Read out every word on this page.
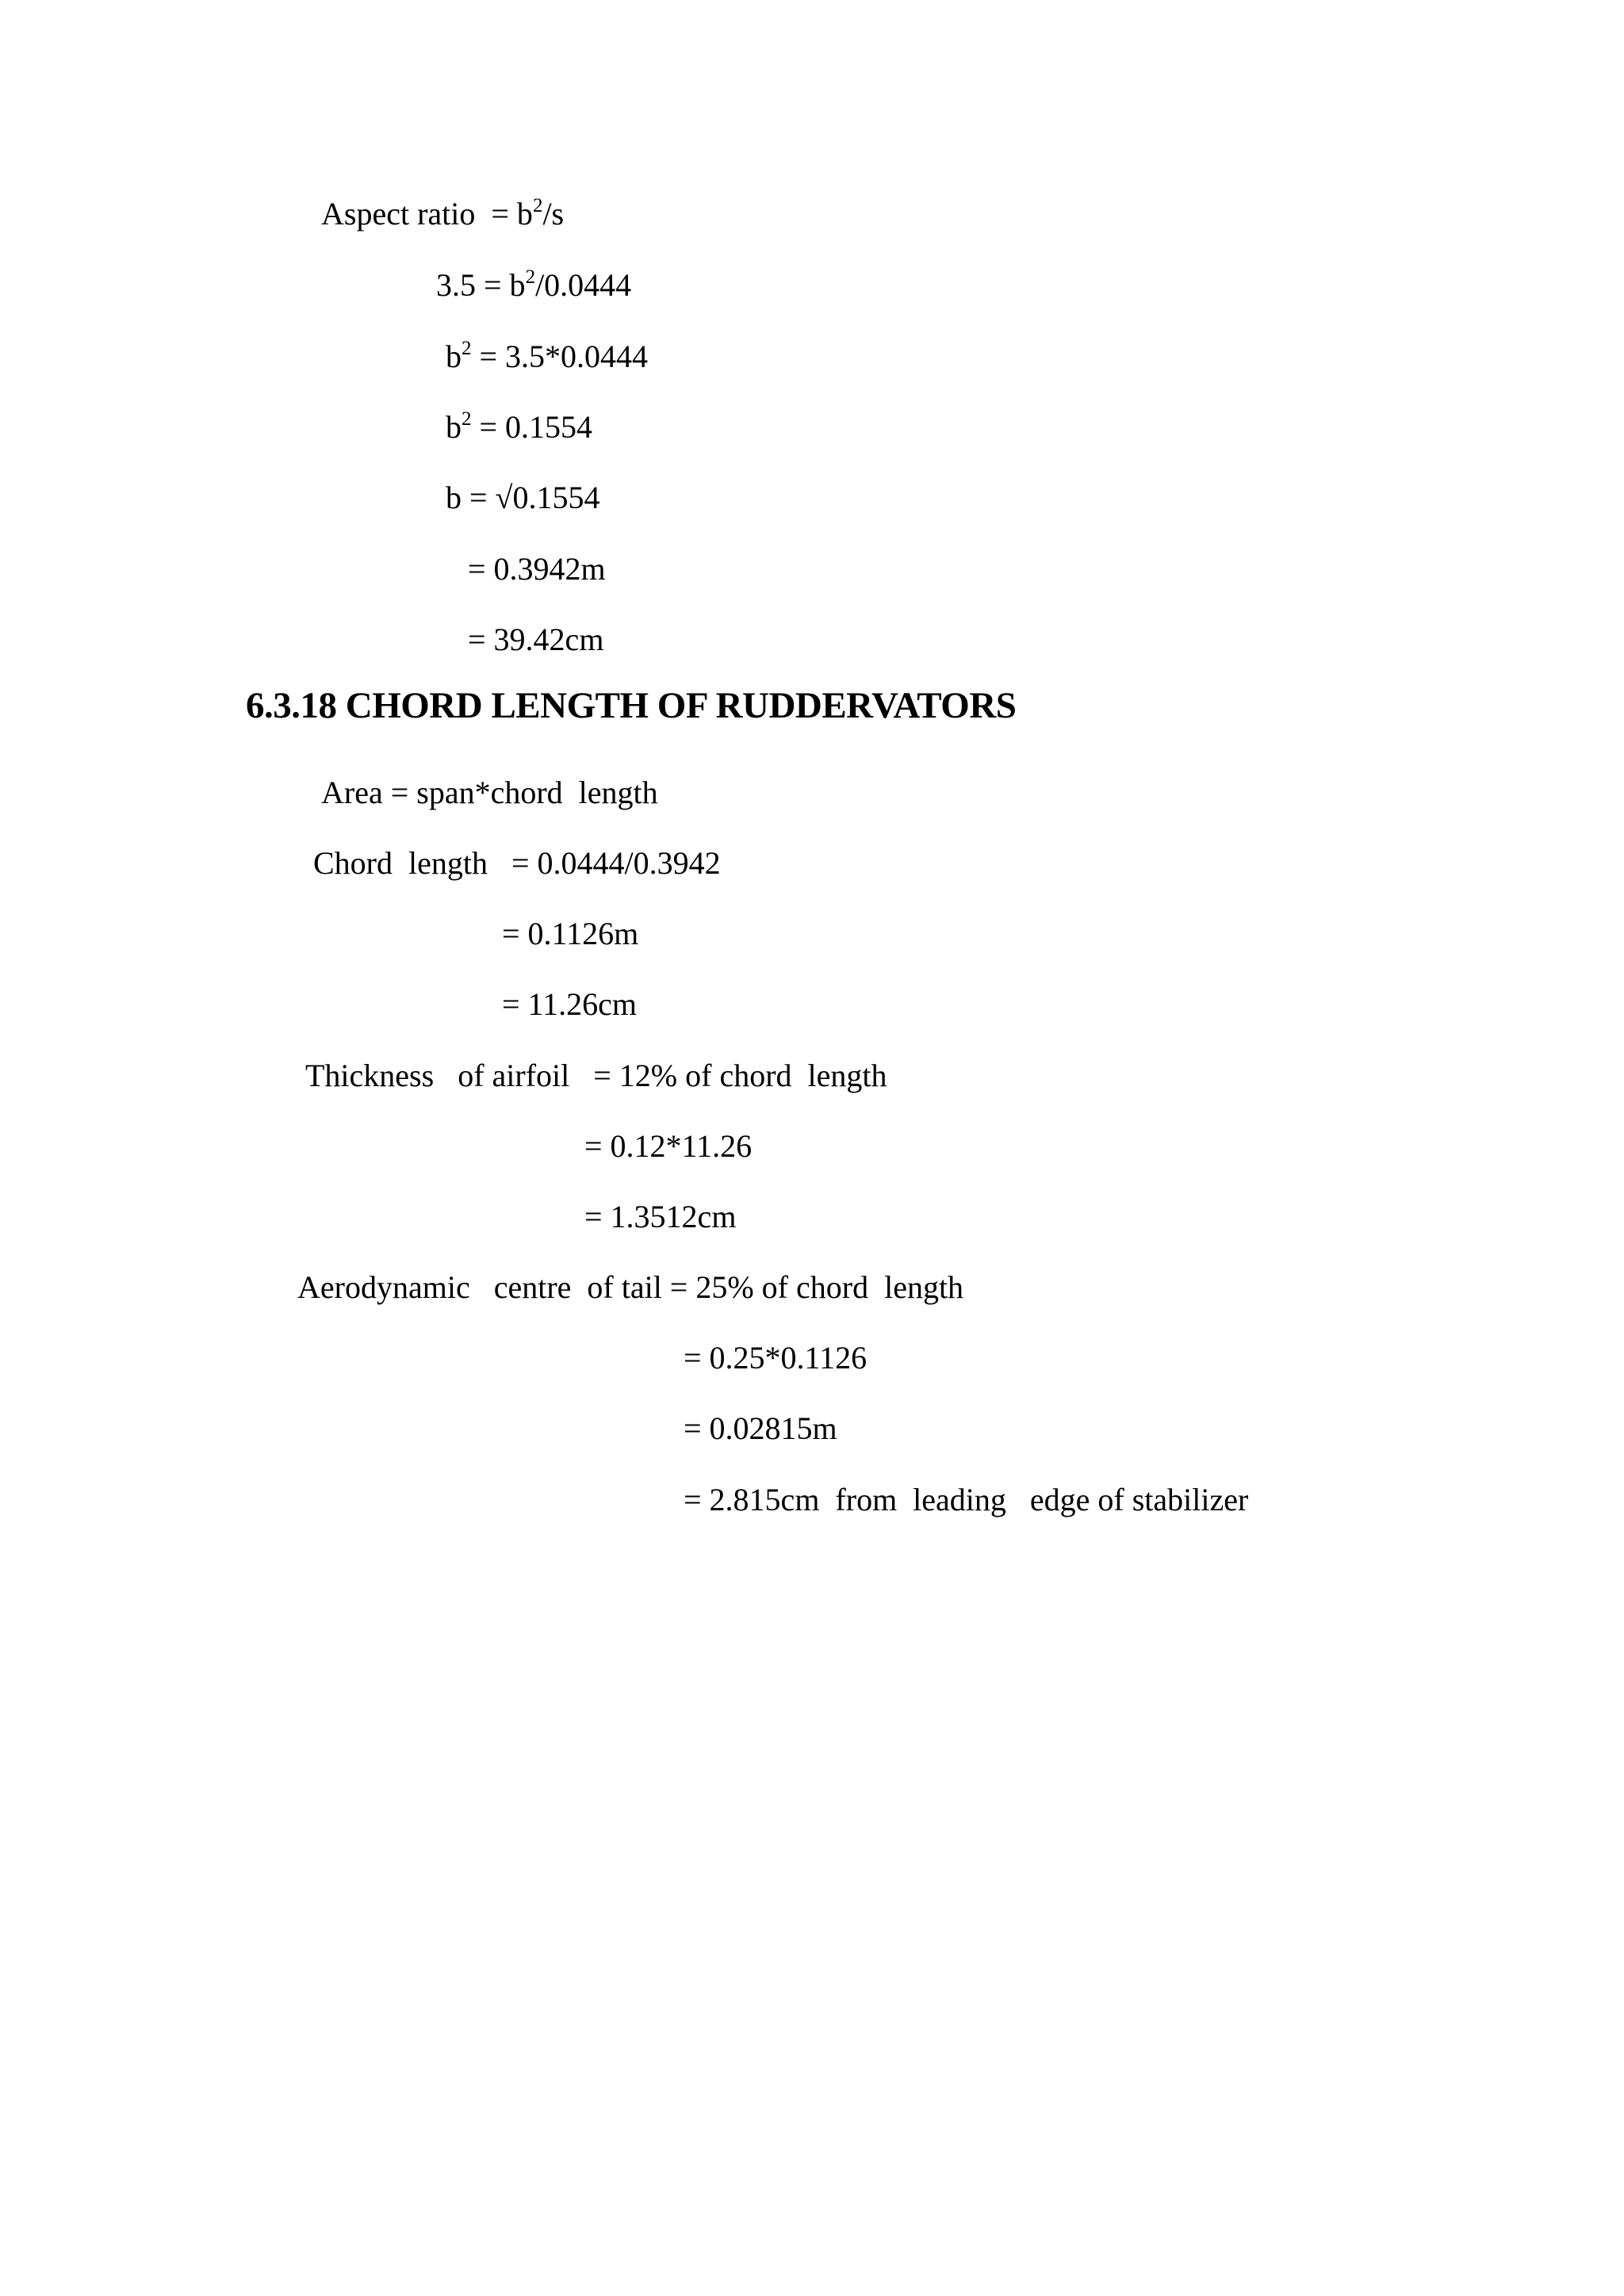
Aspect ratio  = $b^2/s$
$3.5 = b^2/0.0444$
$b^2 = 3.5*0.0444$
$b^2 = 0.1554$
b = √0.1554
= 0.3942m
= 39.42cm
6.3.18 CHORD LENGTH OF RUDDERVATORS
Area = span*chord  length
Chord  length   = 0.0444/0.3942
= 0.1126m
= 11.26cm
Thickness   of airfoil   = 12% of chord  length
= 0.12*11.26
= 1.3512cm
Aerodynamic   centre  of tail = 25% of chord  length
= 0.25*0.1126
= 0.02815m
= 2.815cm  from  leading   edge of stabilizer
